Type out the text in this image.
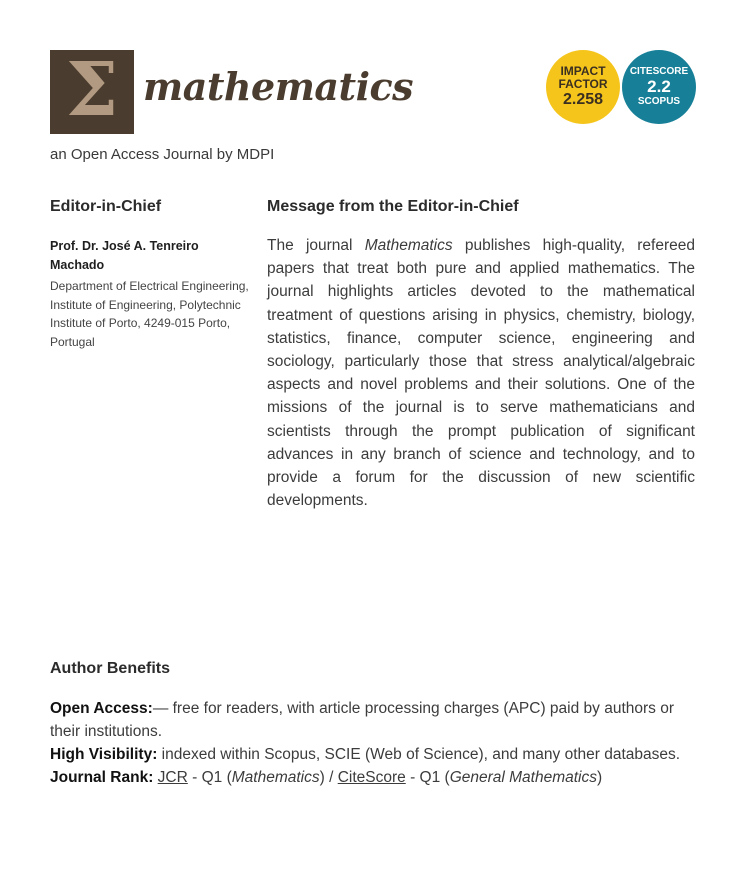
Σ mathematics	IMPACT
FACTOR
2.258
CITESCORE
2.2
SCOPUS
an Open Access Journal by MDPI
Editor-in-Chief
Prof. Dr. José A. Tenreiro Machado
Department of Electrical Engineering, Institute of Engineering, Polytechnic Institute of Porto, 4249-015 Porto, Portugal
Message from the Editor-in-Chief

The journal Mathematics publishes high-quality, refereed papers that treat both pure and applied mathematics. The journal highlights articles devoted to the mathematical treatment of questions arising in physics, chemistry, biology, statistics, finance, computer science, engineering and sociology, particularly those that stress analytical/algebraic aspects and novel problems and their solutions. One of the missions of the journal is to serve mathematicians and scientists through the prompt publication of significant advances in any branch of science and technology, and to provide a forum for the discussion of new scientific developments.

Author Benefits

Open Access:— free for readers, with article processing charges (APC) paid by authors or their institutions.

High Visibility: indexed within Scopus, SCIE (Web of Science), and many other databases.

Journal Rank: JCR - Q1 (Mathematics) / CiteScore - Q1 (General Mathematics)
